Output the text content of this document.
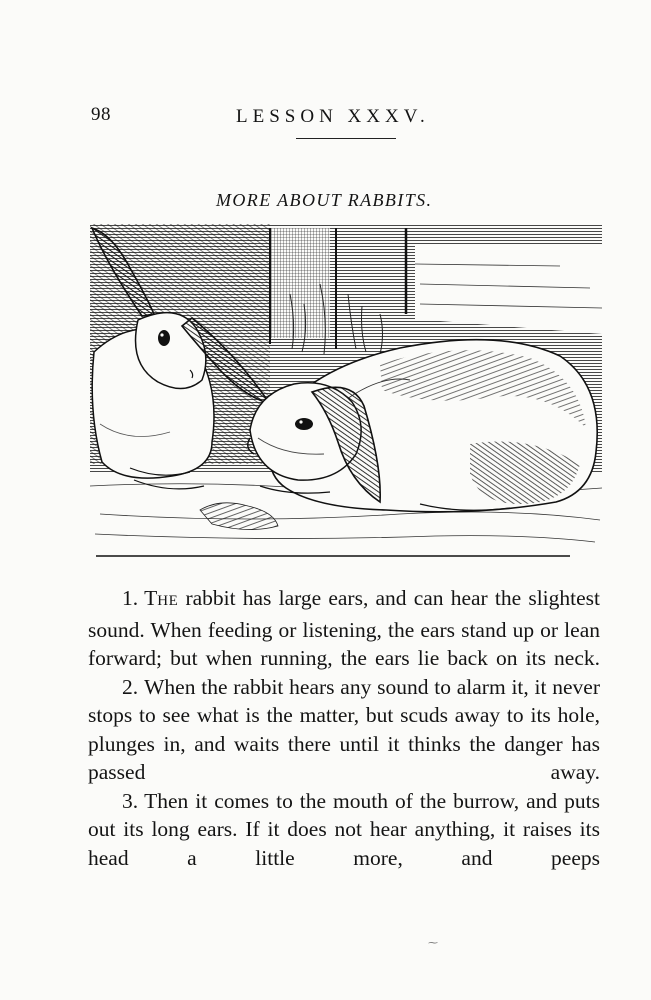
98	LESSON XXXV.
MORE ABOUT RABBITS.

1. THE rabbit has large ears, and can hear the slightest sound. When feeding or listening, the ears stand up or lean forward; but when running, the ears lie back on its neck.

2. When the rabbit hears any sound to alarm it, it never stops to see what is the matter, but scuds away to its hole, plunges in, and waits there until it thinks the danger has passed away.

3. Then it comes to the mouth of the burrow, and puts out its long ears. If it does not hear anything, it raises its head a little more, and peeps

⁓
